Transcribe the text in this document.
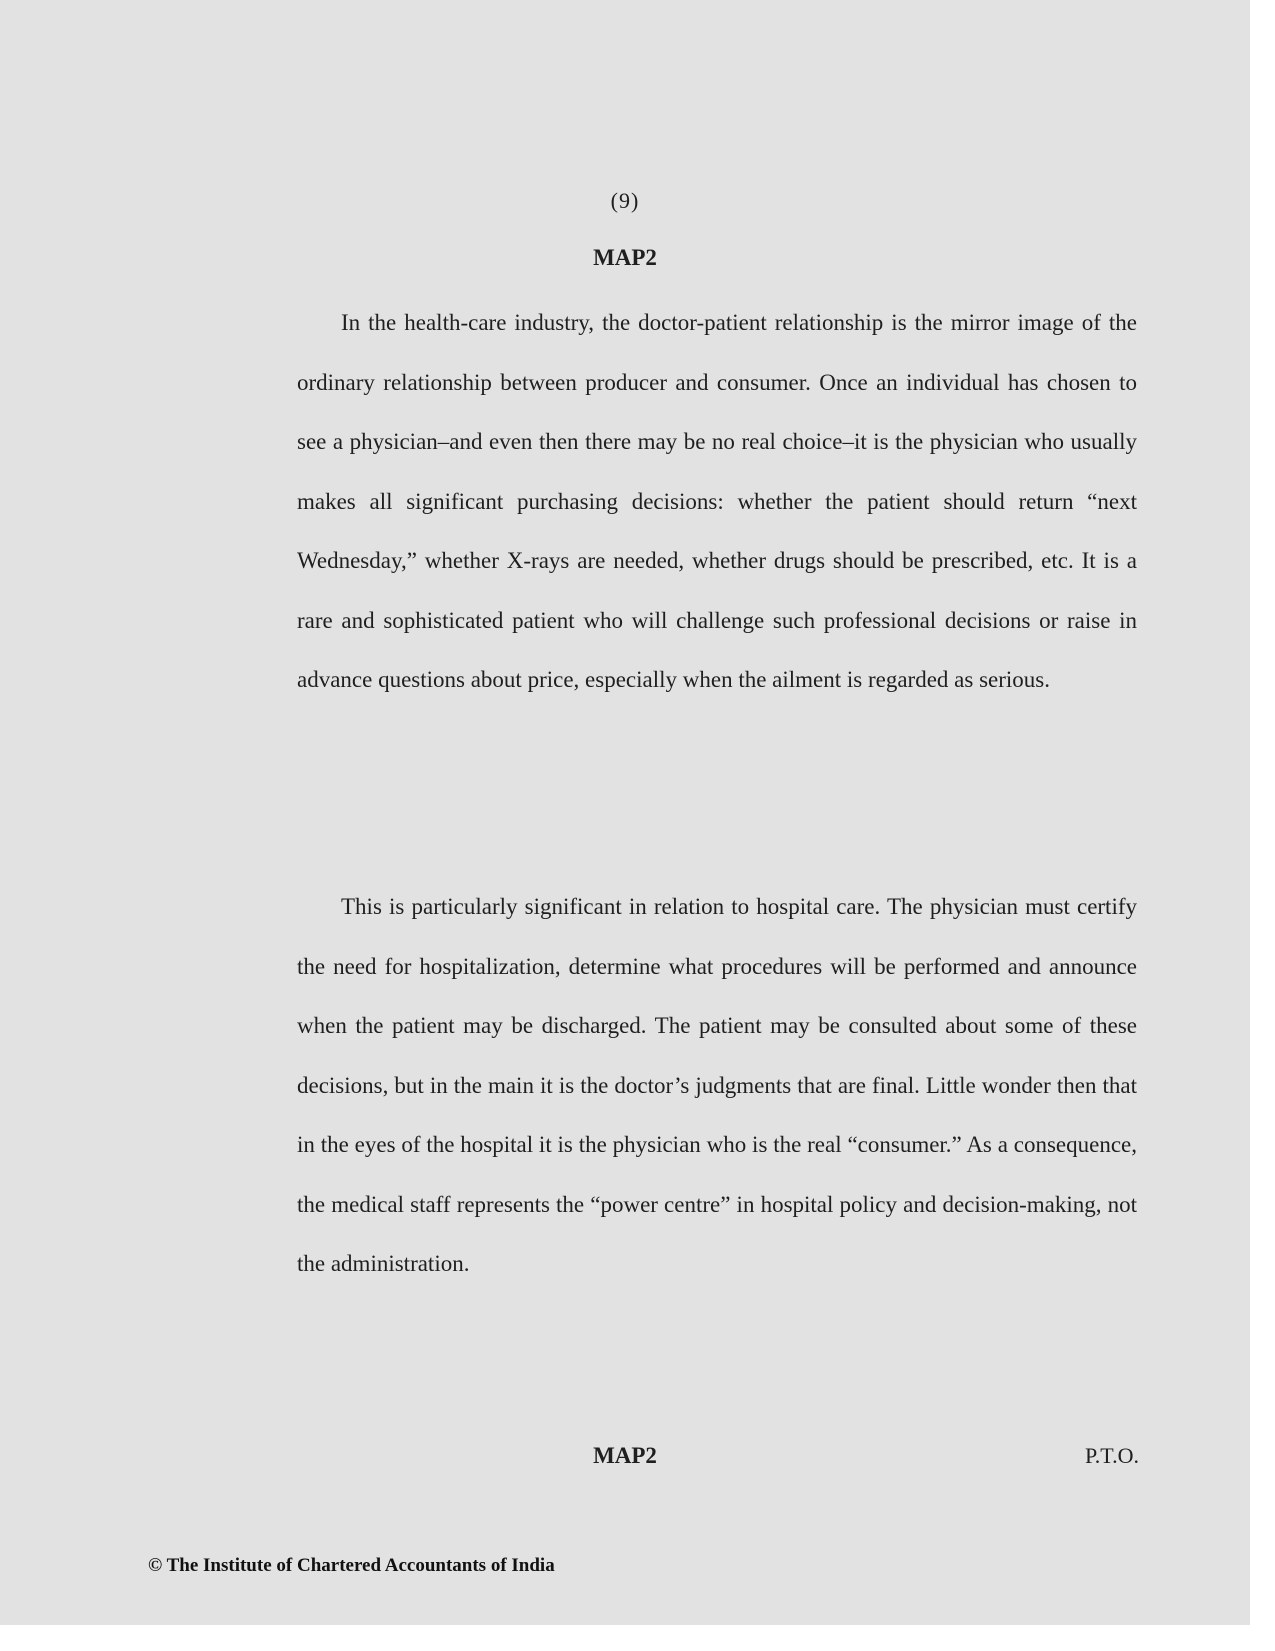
(9)
MAP2

In the health-care industry, the doctor-patient relationship is the mirror image of the ordinary relationship between producer and consumer. Once an individual has chosen to see a physician–and even then there may be no real choice–it is the physician who usually makes all significant purchasing decisions: whether the patient should return “next Wednesday,” whether X-rays are needed, whether drugs should be prescribed, etc. It is a rare and sophisticated patient who will challenge such professional decisions or raise in advance questions about price, especially when the ailment is regarded as serious.

This is particularly significant in relation to hospital care. The physician must certify the need for hospitalization, determine what procedures will be performed and announce when the patient may be discharged. The patient may be consulted about some of these decisions, but in the main it is the doctor’s judgments that are final. Little wonder then that in the eyes of the hospital it is the physician who is the real “consumer.” As a consequence, the medical staff represents the “power centre” in hospital policy and decision-making, not the administration.

MAP2	P.T.O.
© The Institute of Chartered Accountants of India
